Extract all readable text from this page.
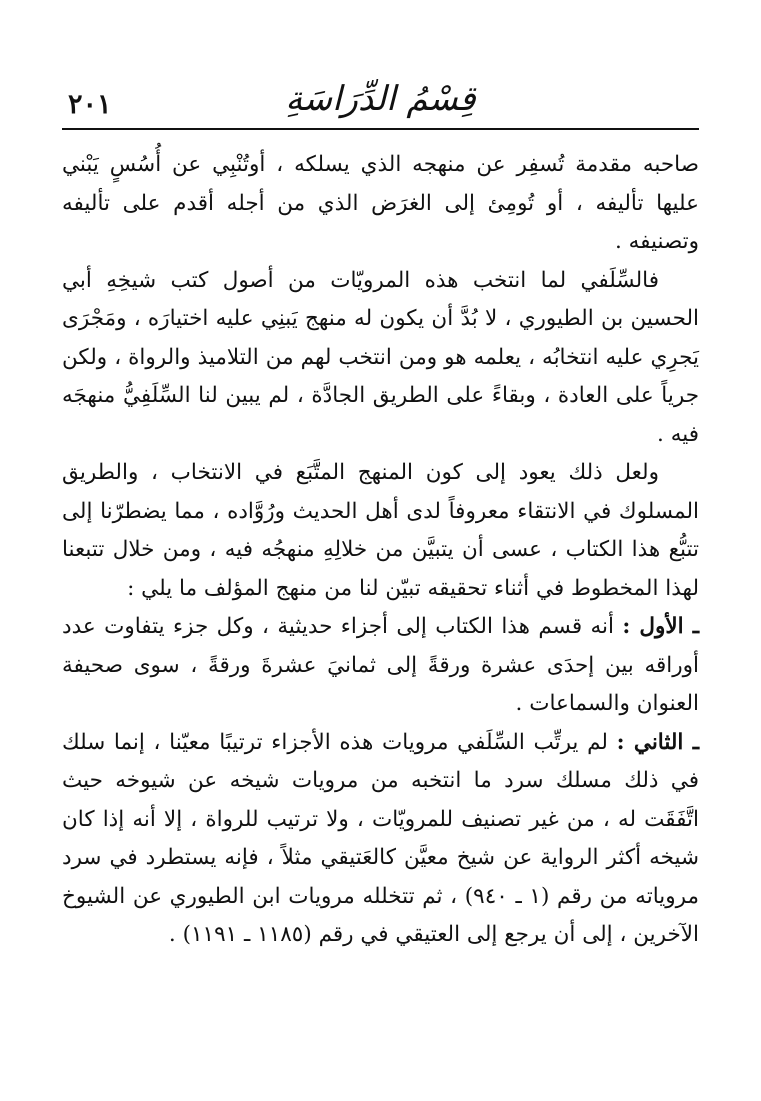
قِسْمُ الدِّرَاسَةِ
٢٠١

صاحبه مقدمة تُسفِر عن منهجه الذي يسلكه ، أوتُنْبِي عن أُسُسٍ يَبْني عليها تأليفه ، أو تُومِئ إلى الغرَض الذي من أجله أقدم على تأليفه وتصنيفه .

فالسِّلَفي لما انتخب هذه المرويّات من أصول كتب شيخِهِ أبي الحسين بن الطيوري ، لا بُدَّ أن يكون له منهج يَبنِي عليه اختيارَه ، ومَجْرَى يَجرِي عليه انتخابُه ، يعلمه هو ومن انتخب لهم من التلاميذ والرواة ، ولكن جرياً على العادة ، وبقاءً على الطريق الجادَّة ، لم يبين لنا السِّلَفِيُّ منهجَه فيه .

ولعل ذلك يعود إلى كون المنهج المتَّبَع في الانتخاب ، والطريق المسلوك في الانتقاء معروفاً لدى أهل الحديث ورُوَّاده ، مما يضطرّنا إلى تتبُّع هذا الكتاب ، عسى أن يتبيَّن من خلالِهِ منهجُه فيه ، ومن خلال تتبعنا لهذا المخطوط في أثناء تحقيقه تبيّن لنا من منهج المؤلف ما يلي :

ـ الأول : أنه قسم هذا الكتاب إلى أجزاء حديثية ، وكل جزء يتفاوت عدد أوراقه بين إحدَى عشرة ورقةً إلى ثمانيَ عشرةَ ورقةً ، سوى صحيفة العنوان والسماعات .

ـ الثاني : لم يرتِّب السِّلَفي مرويات هذه الأجزاء ترتيبًا معيّنا ، إنما سلك في ذلك مسلك سرد ما انتخبه من مرويات شيخه عن شيوخه حيث اتَّفَقَت له ، من غير تصنيف للمرويّات ، ولا ترتيب للرواة ، إلا أنه إذا كان شيخه أكثر الرواية عن شيخ معيَّن كالعَتيقي مثلاً ، فإنه يستطرد في سرد مروياته من رقم (١ ـ ٩٤٠) ، ثم تتخلله مرويات ابن الطيوري عن الشيوخ الآخرين ، إلى أن يرجع إلى العتيقي في رقم (١١٨٥ ـ ١١٩١) .
